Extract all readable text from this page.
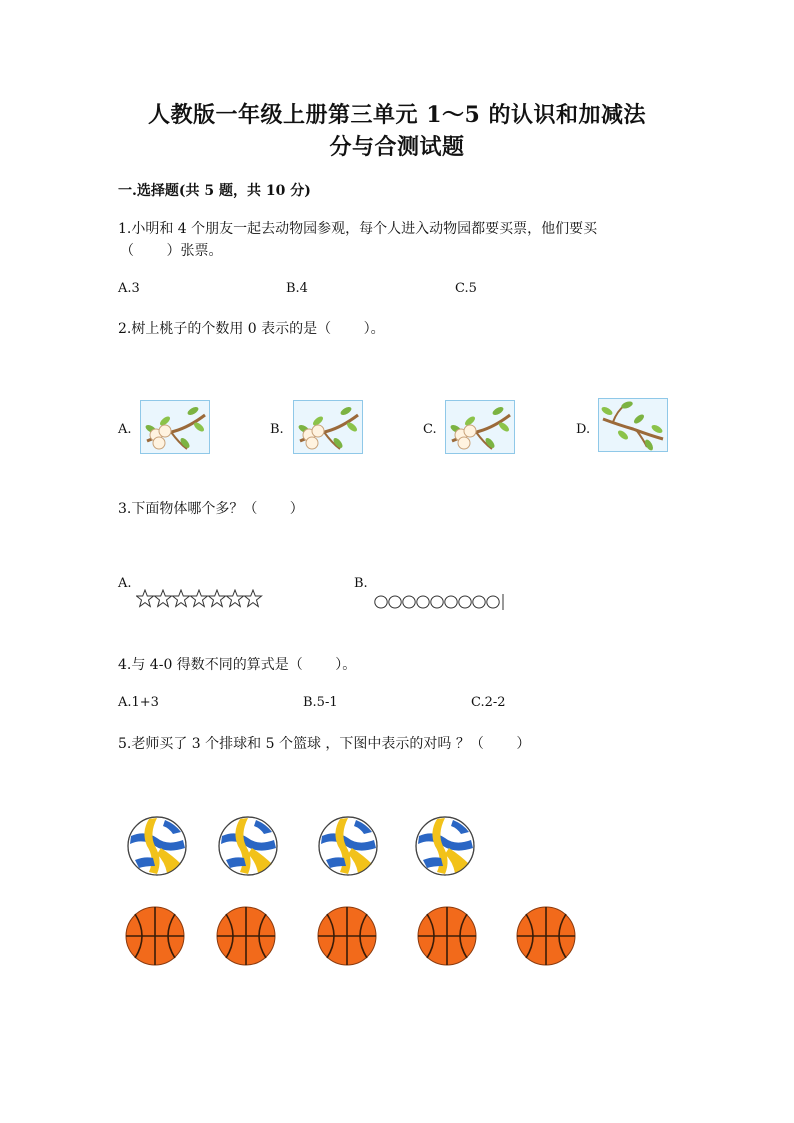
人教版一年级上册第三单元 1～5 的认识和加减法
分与合测试题
一.选择题(共 5 题，共 10 分)
1.小明和 4 个朋友一起去动物园参观，每个人进入动物园都要买票，他们要买
（　　 ）张票。
A.3	B.4	C.5
2.树上桃子的个数用 0 表示的是（　　 ）。
A.	B.	C.	D.
3.下面物体哪个多？（　　 ）
A.	B.
4.与 4-0 得数不同的算式是（　　 ）。
A.1+3	B.5-1	C.2-2
5.老师买了 3 个排球和 5 个篮球 ，下图中表示的对吗 ？（　　 ）
